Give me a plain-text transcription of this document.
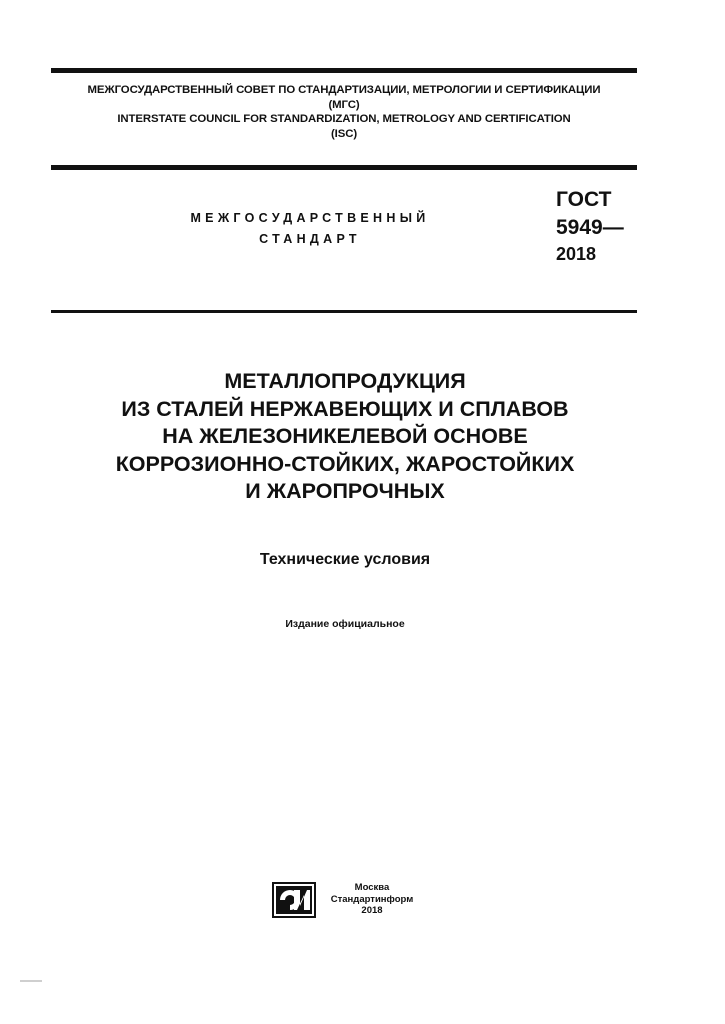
МЕЖГОСУДАРСТВЕННЫЙ СОВЕТ ПО СТАНДАРТИЗАЦИИ, МЕТРОЛОГИИ И СЕРТИФИКАЦИИ
(МГС)
INTERSTATE COUNCIL FOR STANDARDIZATION, METROLOGY AND CERTIFICATION
(ISC)
МЕЖГОСУДАРСТВЕННЫЙ
СТАНДАРТ
ГОСТ
5949—
2018
МЕТАЛЛОПРОДУКЦИЯ
ИЗ СТАЛЕЙ НЕРЖАВЕЮЩИХ И СПЛАВОВ
НА ЖЕЛЕЗОНИКЕЛЕВОЙ ОСНОВЕ
КОРРОЗИОННО-СТОЙКИХ, ЖАРОСТОЙКИХ
И ЖАРОПРОЧНЫХ
Технические условия
Издание официальное
Москва
Стандартинформ
2018
